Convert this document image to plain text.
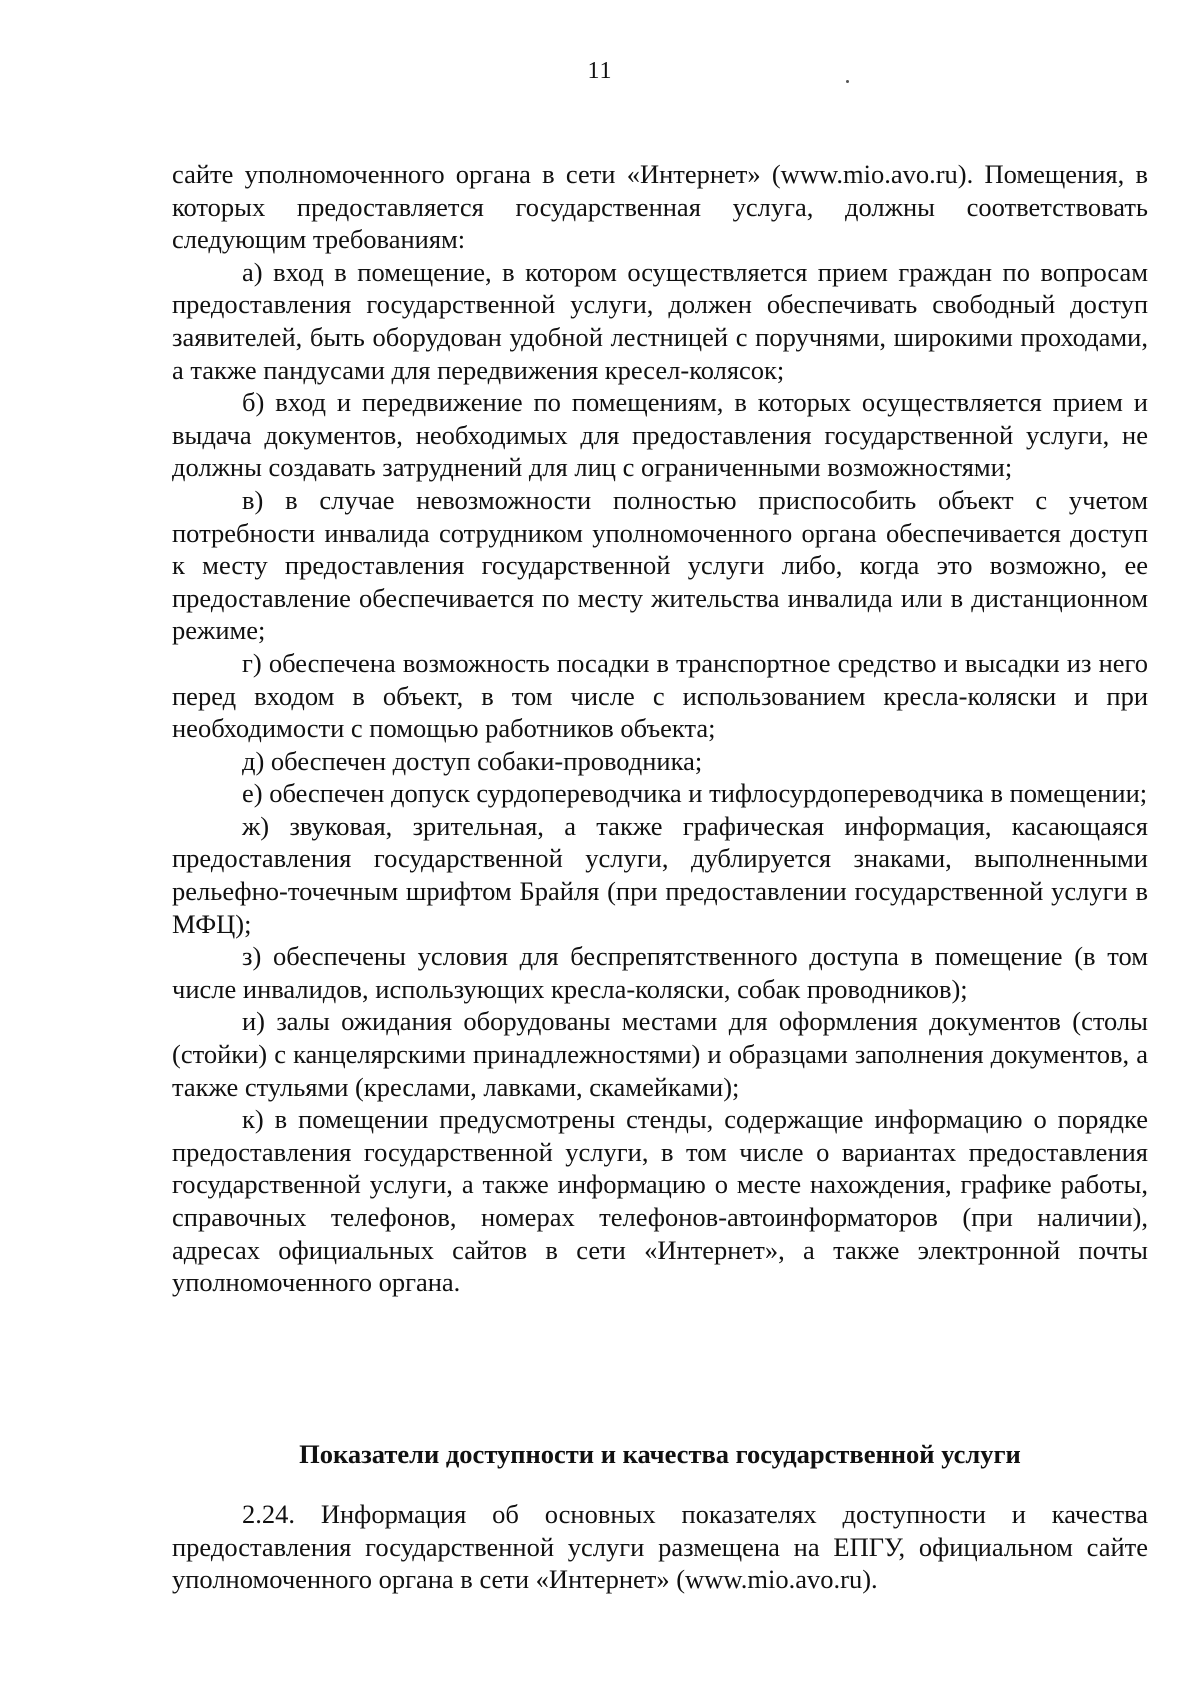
11

сайте уполномоченного органа в сети «Интернет» (www.mio.avo.ru). Помещения, в которых предоставляется государственная услуга, должны соответствовать следующим требованиям:

а) вход в помещение, в котором осуществляется прием граждан по вопросам предоставления государственной услуги, должен обеспечивать свободный доступ заявителей, быть оборудован удобной лестницей с поручнями, широкими проходами, а также пандусами для передвижения кресел-колясок;

б) вход и передвижение по помещениям, в которых осуществляется прием и выдача документов, необходимых для предоставления государственной услуги, не должны создавать затруднений для лиц с ограниченными возможностями;

в) в случае невозможности полностью приспособить объект с учетом потребности инвалида сотрудником уполномоченного органа обеспечивается доступ к месту предоставления государственной услуги либо, когда это возможно, ее предоставление обеспечивается по месту жительства инвалида или в дистанционном режиме;

г) обеспечена возможность посадки в транспортное средство и высадки из него перед входом в объект, в том числе с использованием кресла-коляски и при необходимости с помощью работников объекта;

д) обеспечен доступ собаки-проводника;

е) обеспечен допуск сурдопереводчика и тифлосурдопереводчика в помещении;

ж) звуковая, зрительная, а также графическая информация, касающаяся предоставления государственной услуги, дублируется знаками, выполненными рельефно-точечным шрифтом Брайля (при предоставлении государственной услуги в МФЦ);

з) обеспечены условия для беспрепятственного доступа в помещение (в том числе инвалидов, использующих кресла-коляски, собак проводников);

и) залы ожидания оборудованы местами для оформления документов (столы (стойки) с канцелярскими принадлежностями) и образцами заполнения документов, а также стульями (креслами, лавками, скамейками);

к) в помещении предусмотрены стенды, содержащие информацию о порядке предоставления государственной услуги, в том числе о вариантах предоставления государственной услуги, а также информацию о месте нахождения, графике работы, справочных телефонов, номерах телефонов-автоинформаторов (при наличии), адресах официальных сайтов в сети «Интернет», а также электронной почты уполномоченного органа.

Показатели доступности и качества государственной услуги

2.24. Информация об основных показателях доступности и качества предоставления государственной услуги размещена на ЕПГУ, официальном сайте уполномоченного органа в сети «Интернет» (www.mio.avo.ru).
